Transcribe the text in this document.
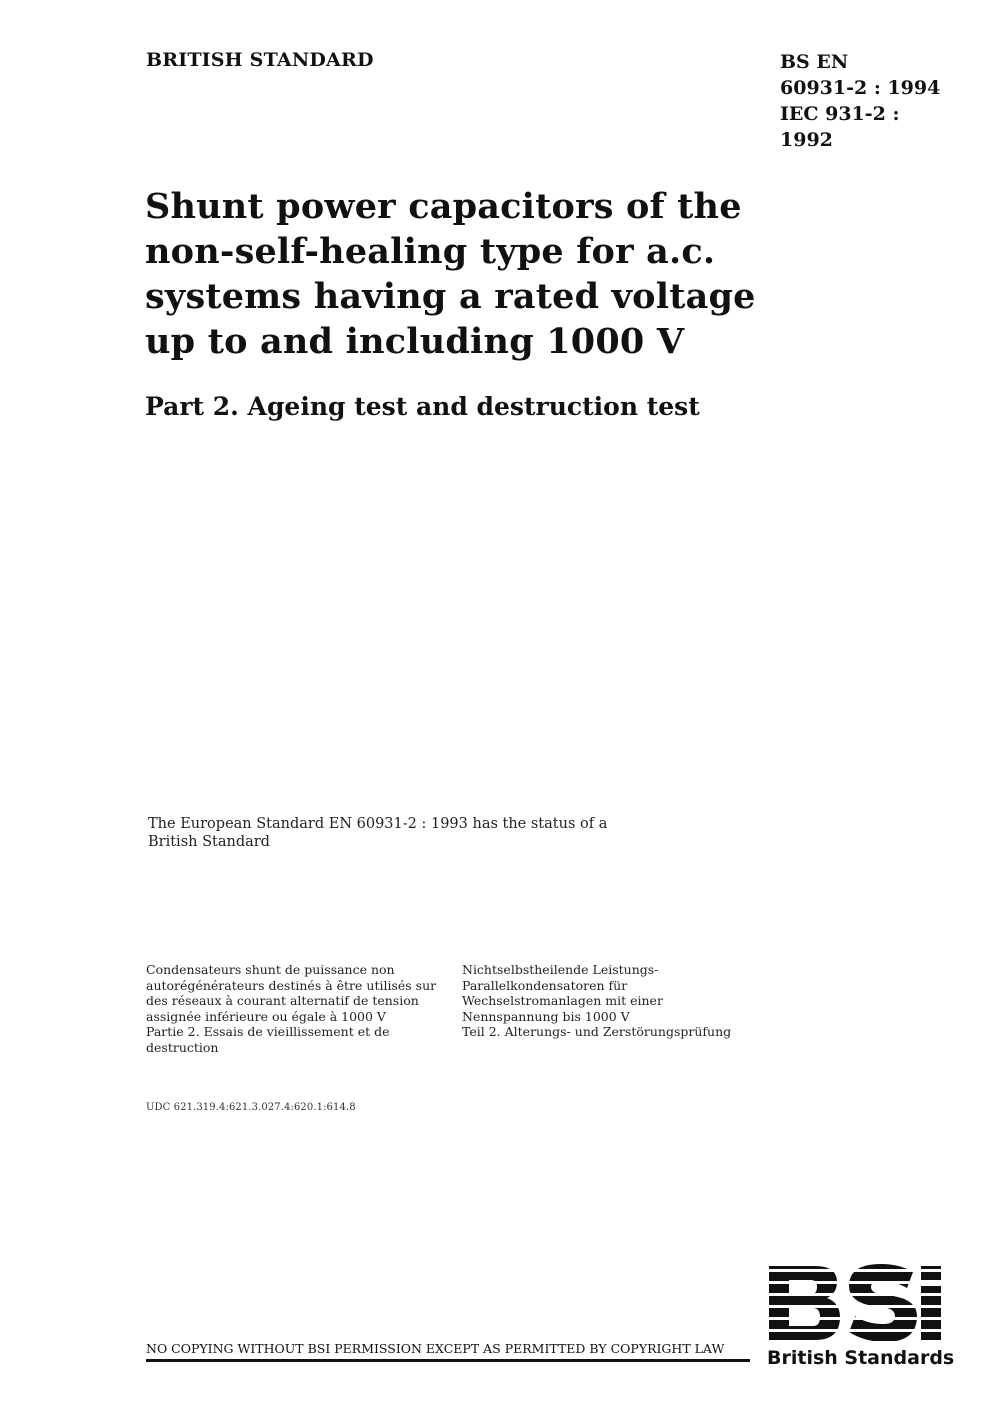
BRITISH STANDARD	BS EN
60931-2 : 1994
IEC 931-2 :
1992
Shunt power capacitors of the
non-self-healing type for a.c.
systems having a rated voltage
up to and including 1000 V
Part 2. Ageing test and destruction test
The European Standard EN 60931-2 : 1993 has the status of a
British Standard
Condensateurs shunt de puissance non
autorégénérateurs destinés à être utilisés sur
des réseaux à courant alternatif de tension
assignée inférieure ou égale à 1000 V
Partie 2. Essais de vieillissement et de
destruction
Nichtselbstheilende Leistungs-
Parallelkondensatoren für
Wechselstromanlagen mit einer
Nennspannung bis 1000 V
Teil 2. Alterungs- und Zerstörungsprüfung
UDC 621.319.4:621.3.027.4:620.1:614.8
NO COPYING WITHOUT BSI PERMISSION EXCEPT AS PERMITTED BY COPYRIGHT LAW	British Standards
